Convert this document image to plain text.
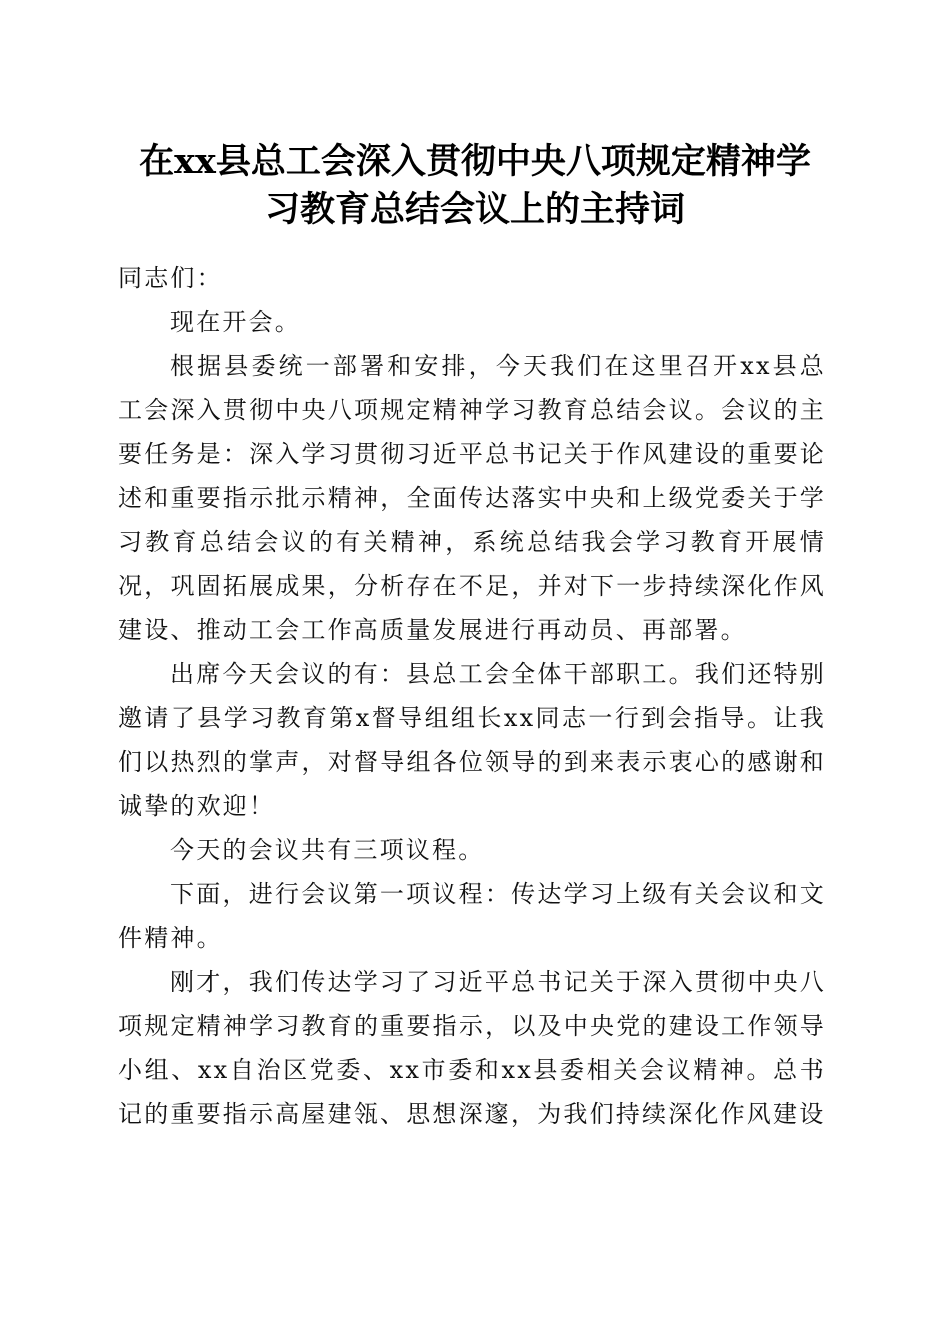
在xx县总工会深入贯彻中央八项规定精神学
习教育总结会议上的主持词

同志们：

现在开会。

根据县委统一部署和安排，今天我们在这里召开xx县总工会深入贯彻中央八项规定精神学习教育总结会议。会议的主要任务是：深入学习贯彻习近平总书记关于作风建设的重要论述和重要指示批示精神，全面传达落实中央和上级党委关于学习教育总结会议的有关精神，系统总结我会学习教育开展情况，巩固拓展成果，分析存在不足，并对下一步持续深化作风建设、推动工会工作高质量发展进行再动员、再部署。

出席今天会议的有：县总工会全体干部职工。我们还特别邀请了县学习教育第x督导组组长xx同志一行到会指导。让我们以热烈的掌声，对督导组各位领导的到来表示衷心的感谢和诚挚的欢迎！

今天的会议共有三项议程。

下面，进行会议第一项议程：传达学习上级有关会议和文件精神。

刚才，我们传达学习了习近平总书记关于深入贯彻中央八项规定精神学习教育的重要指示，以及中央党的建设工作领导小组、xx自治区党委、xx市委和xx县委相关会议精神。总书记的重要指示高屋建瓴、思想深邃，为我们持续深化作风建设
